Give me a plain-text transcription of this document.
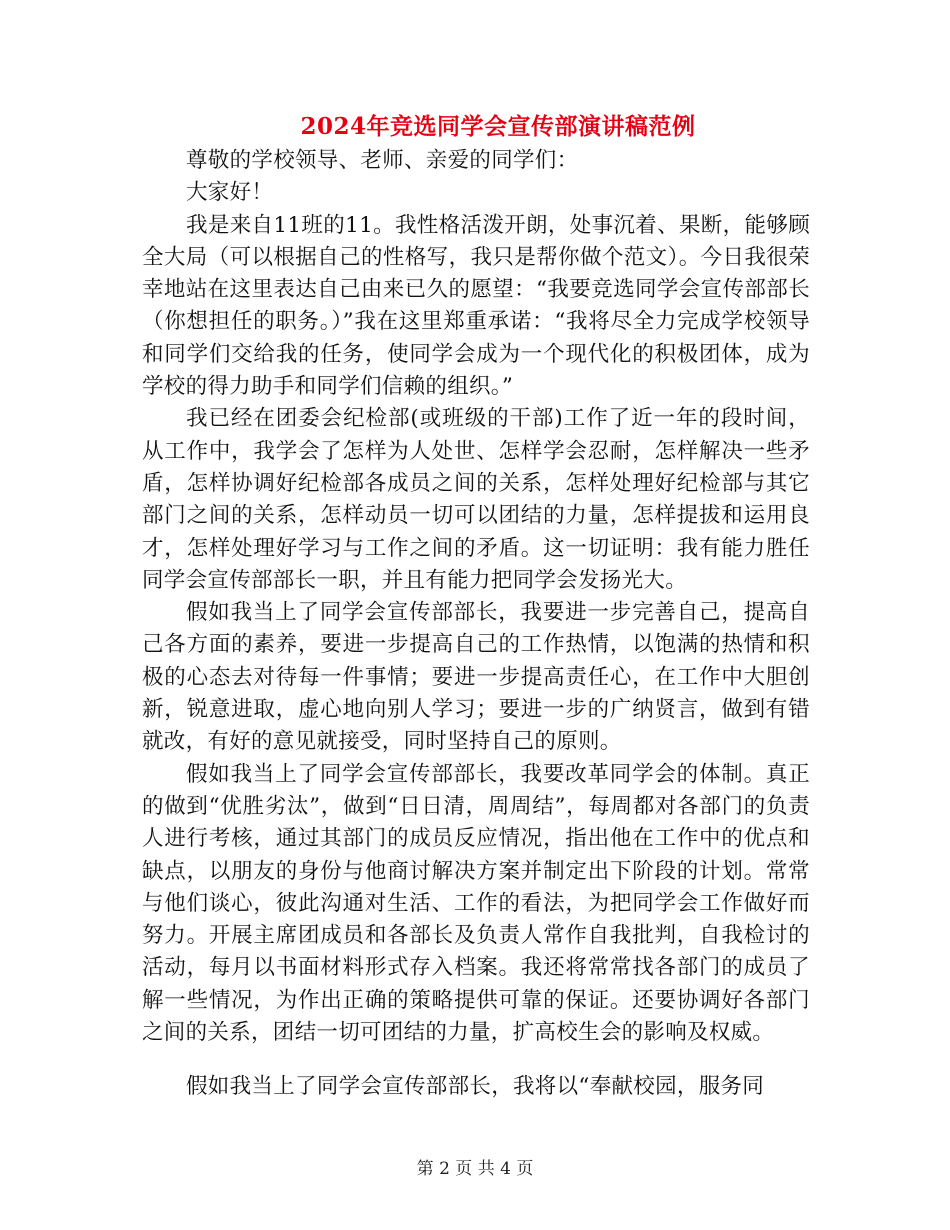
2024年竞选同学会宣传部演讲稿范例

尊敬的学校领导、老师、亲爱的同学们：

大家好！

我是来自11班的11。我性格活泼开朗，处事沉着、果断，能够顾全大局（可以根据自己的性格写，我只是帮你做个范文）。今日我很荣幸地站在这里表达自己由来已久的愿望：“我要竞选同学会宣传部部长（你想担任的职务。）”我在这里郑重承诺：“我将尽全力完成学校领导和同学们交给我的任务，使同学会成为一个现代化的积极团体，成为学校的得力助手和同学们信赖的组织。”

我已经在团委会纪检部(或班级的干部)工作了近一年的段时间，从工作中，我学会了怎样为人处世、怎样学会忍耐，怎样解决一些矛盾，怎样协调好纪检部各成员之间的关系，怎样处理好纪检部与其它部门之间的关系，怎样动员一切可以团结的力量，怎样提拔和运用良才，怎样处理好学习与工作之间的矛盾。这一切证明：我有能力胜任同学会宣传部部长一职，并且有能力把同学会发扬光大。

假如我当上了同学会宣传部部长，我要进一步完善自己，提高自己各方面的素养，要进一步提高自己的工作热情，以饱满的热情和积极的心态去对待每一件事情；要进一步提高责任心，在工作中大胆创新，锐意进取，虚心地向别人学习；要进一步的广纳贤言，做到有错就改，有好的意见就接受，同时坚持自己的原则。

假如我当上了同学会宣传部部长，我要改革同学会的体制。真正的做到“优胜劣汰”，做到“日日清，周周结”，每周都对各部门的负责人进行考核，通过其部门的成员反应情况，指出他在工作中的优点和缺点，以朋友的身份与他商讨解决方案并制定出下阶段的计划。常常与他们谈心，彼此沟通对生活、工作的看法，为把同学会工作做好而努力。开展主席团成员和各部长及负责人常作自我批判，自我检讨的活动，每月以书面材料形式存入档案。我还将常常找各部门的成员了解一些情况，为作出正确的策略提供可靠的保证。还要协调好各部门之间的关系，团结一切可团结的力量，扩高校生会的影响及权威。

假如我当上了同学会宣传部部长，我将以“奉献校园，服务同

第 2 页 共 4 页
